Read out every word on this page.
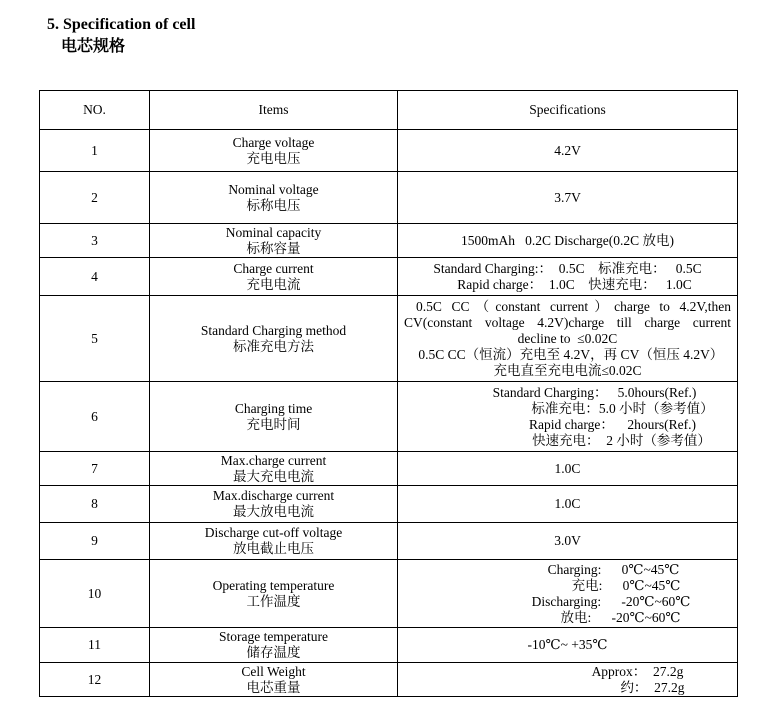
5. Specification of cell
电芯规格
NO.	Items	Specifications
1	Charge voltage
充电电压	4.2V

2	Nominal voltage
标称电压	3.7V

3	Nominal capacity
标称容量	1500mAh   0.2C Discharge(0.2C 放电)

4	Charge current
充电电流	Standard Charging:：  0.5C    标准充电：   0.5C
Rapid charge：  1.0C    快速充电：   1.0C

5	Standard Charging method
标准充电方法	0.5C CC（constant current）charge to 4.2V,then
CV(constant voltage 4.2V)charge till charge current
decline to  ≤0.02C
0.5C CC（恒流）充电至 4.2V，再 CV（恒压 4.2V）
充电直至充电电流≤0.02C

6	Charging time
充电时间	Standard Charging：   5.0hours(Ref.)
标准充电：5.0 小时（参考值）
Rapid charge：    2hours(Ref.)
快速充电：  2 小时（参考值）

7	Max.charge current
最大充电电流	1.0C

8	Max.discharge current
最大放电电流	1.0C

9	Discharge cut-off voltage
放电截止电压	3.0V

10	Operating temperature
工作温度	Charging:      0℃~45℃
充电:      0℃~45℃
Discharging:      -20℃~60℃
放电:      -20℃~60℃

11	Storage temperature
储存温度	-10℃~ +35℃

12	Cell Weight
电芯重量	Approx：  27.2g
约：  27.2g
